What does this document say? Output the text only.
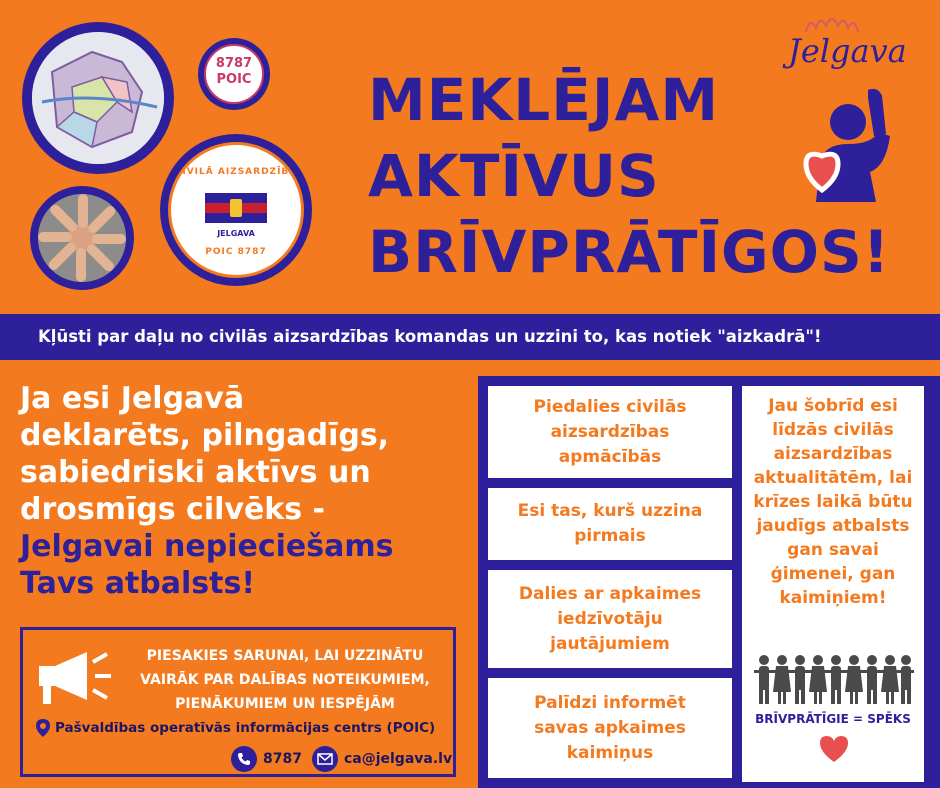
8787
POIC
CIVILĀ AIZSARDZĪBA
JELGAVA
POIC 8787
MEKLĒJAM
AKTĪVUS
BRĪVPRĀTĪGOS!
Jelgava
Kļūsti par daļu no civilās aizsardzības komandas un uzzini to, kas notiek "aizkadrā"!
Ja esi Jelgavā
deklarēts, pilngadīgs,
sabiedriski aktīvs un
drosmīgs cilvēks -
Jelgavai nepieciešams
Tavs atbalsts!
PIESAKIES SARUNAI, LAI UZZINĀTU
VAIRĀK PAR DALĪBAS NOTEIKUMIEM,
PIENĀKUMIEM UN IESPĒJĀM
Pašvaldības operatīvās informācijas centrs (POIC)
8787	ca@jelgava.lv
Piedalies civilās aizsardzības apmācībās
Esi tas, kurš uzzina pirmais
Dalies ar apkaimes iedzīvotāju jautājumiem
Palīdzi informēt savas apkaimes kaimiņus
Jau šobrīd esi līdzās civilās aizsardzības aktualitātēm, lai krīzes laikā būtu jaudīgs atbalsts gan savai ģimenei, gan kaimiņiem!
BRĪVPRĀTĪGIE = SPĒKS
